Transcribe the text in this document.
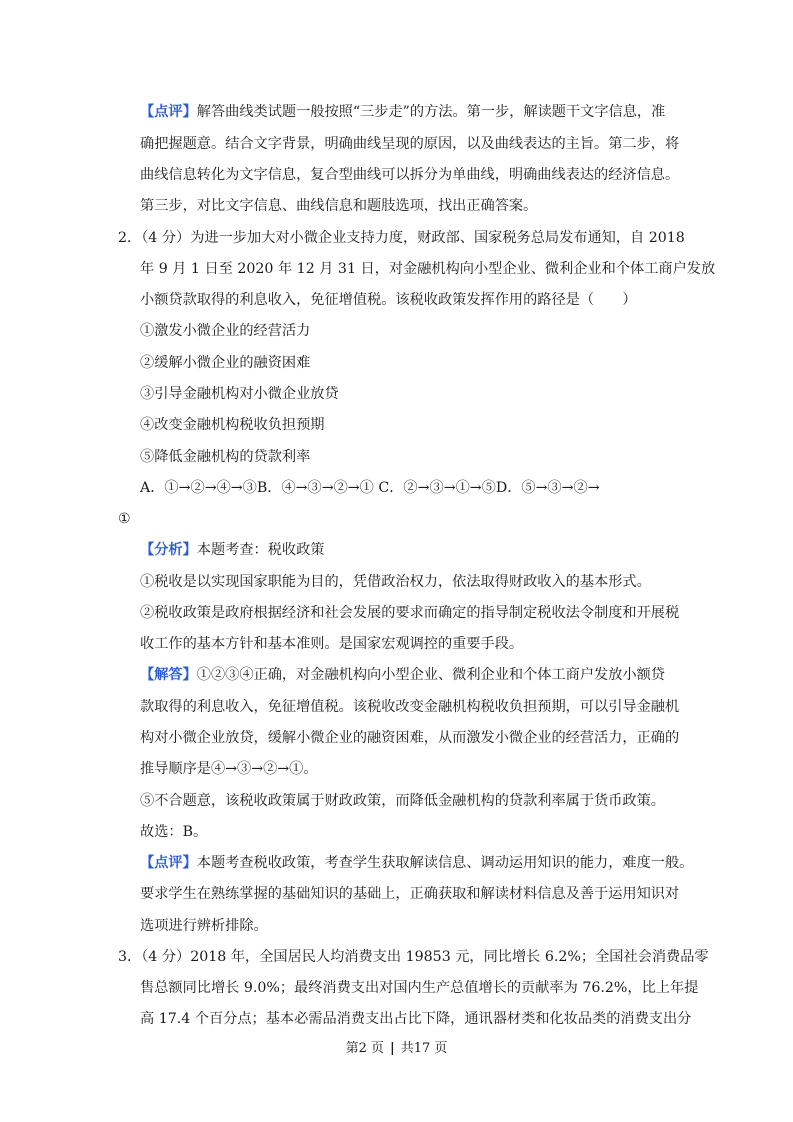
【点评】解答曲线类试题一般按照“三步走”的方法。第一步，解读题干文字信息，准
确把握题意。结合文字背景，明确曲线呈现的原因，以及曲线表达的主旨。第二步，将
曲线信息转化为文字信息，复合型曲线可以拆分为单曲线，明确曲线表达的经济信息。
第三步，对比文字信息、曲线信息和题肢选项，找出正确答案。
2．（4 分）为进一步加大对小微企业支持力度，财政部、国家税务总局发布通知，自 2018
年 9 月 1 日至 2020 年 12 月 31 日，对金融机构向小型企业、微利企业和个体工商户发放
小额贷款取得的利息收入，免征增值税。该税收政策发挥作用的路径是（　　）
①激发小微企业的经营活力
②缓解小微企业的融资困难
③引导金融机构对小微企业放贷
④改变金融机构税收负担预期
⑤降低金融机构的贷款利率
A．①→②→④→③B．④→③→②→① C．②→③→①→⑤D．⑤→③→②→
①
【分析】本题考查：税收政策
①税收是以实现国家职能为目的，凭借政治权力，依法取得财政收入的基本形式。
②税收政策是政府根据经济和社会发展的要求而确定的指导制定税收法令制度和开展税
收工作的基本方针和基本准则。是国家宏观调控的重要手段。
【解答】①②③④正确，对金融机构向小型企业、微利企业和个体工商户发放小额贷
款取得的利息收入，免征增值税。该税收改变金融机构税收负担预期，可以引导金融机
构对小微企业放贷，缓解小微企业的融资困难，从而激发小微企业的经营活力，正确的
推导顺序是④→③→②→①。
⑤不合题意，该税收政策属于财政政策，而降低金融机构的贷款利率属于货币政策。
故选：B。
【点评】本题考查税收政策，考查学生获取解读信息、调动运用知识的能力，难度一般。
要求学生在熟练掌握的基础知识的基础上，正确获取和解读材料信息及善于运用知识对
选项进行辨析排除。
3．（4 分）2018 年，全国居民人均消费支出 19853 元，同比增长 6.2%；全国社会消费品零
售总额同比增长 9.0%；最终消费支出对国内生产总值增长的贡献率为 76.2%，比上年提
高 17.4 个百分点；基本必需品消费支出占比下降，通讯器材类和化妆品类的消费支出分
第2 页 | 共17 页
